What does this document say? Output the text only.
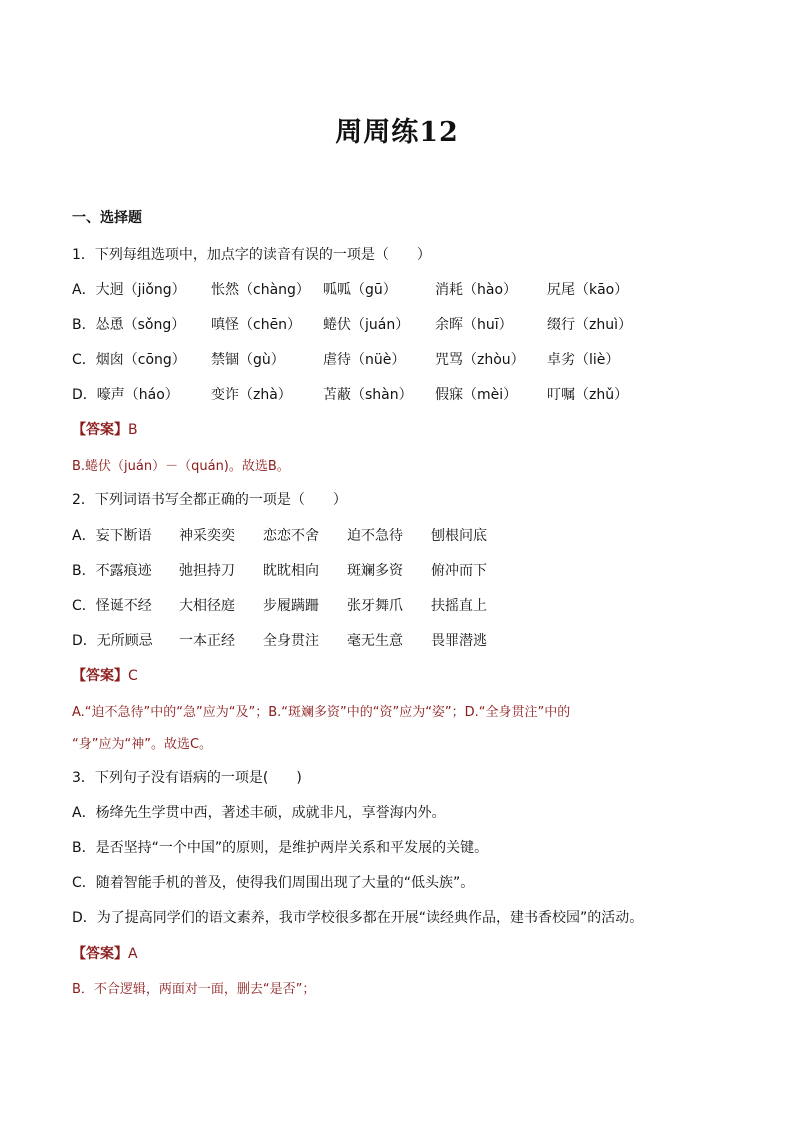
周周练12
一、选择题
1．下列每组选项中，加点字的读音有误的一项是（　　）
A．大迥（jiǒng） 怅然（chàng） 呱呱（gū）	消耗（hào） 尻尾（kāo）
B．怂恿（sǒng） 嗔怪（chēn） 蜷伏（juán） 余晖（huī） 缀行（zhuì）
C．烟囱（cōng） 禁锢（gù）	虐待（nüè） 咒骂（zhòu） 卓劣（liè）
D．嚎声（háo） 变诈（zhà） 苫蔽（shàn） 假寐（mèi） 叮嘱（zhǔ）
【答案】B
B.蜷伏（juán）－（quán)。故选B。
2．下列词语书写全都正确的一项是（　　）
A．妄下断语 神采奕奕 恋恋不舍 迫不急待 刨根问底
B．不露痕迹 弛担持刀 眈眈相向 斑斓多资 俯冲而下
C．怪诞不经 大相径庭 步履蹒跚 张牙舞爪 扶摇直上
D．无所顾忌 一本正经 全身贯注 毫无生意 畏罪潜逃
【答案】C
A.“迫不急待”中的“急”应为“及”；B.“斑斓多资”中的“资”应为“姿”；D.“全身贯注”中的
“身”应为“神”。故选C。
3．下列句子没有语病的一项是(　　)
A．杨绛先生学贯中西，著述丰硕，成就非凡，享誉海内外。
B．是否坚持“一个中国”的原则，是维护两岸关系和平发展的关键。
C．随着智能手机的普及，使得我们周围出现了大量的“低头族”。
D．为了提高同学们的语文素养，我市学校很多都在开展“读经典作品，建书香校园”的活动。
【答案】A
B．不合逻辑，两面对一面，删去“是否”；
